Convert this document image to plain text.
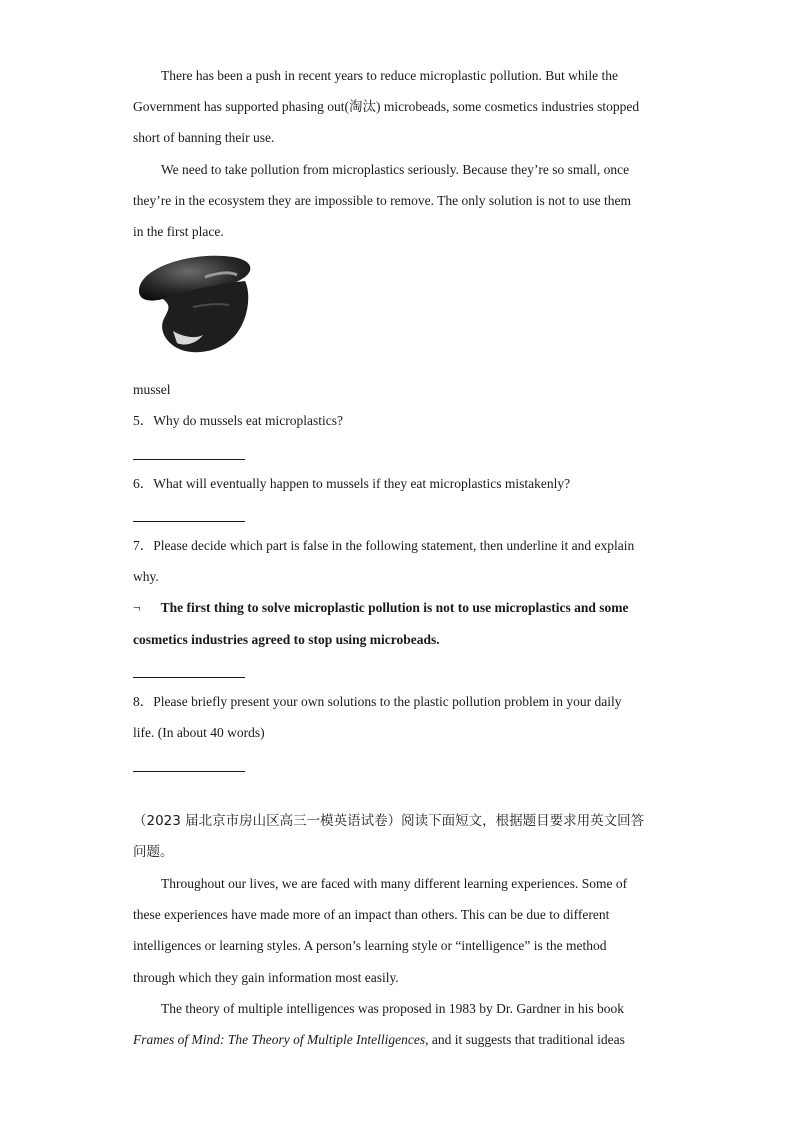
There has been a push in recent years to reduce microplastic pollution. But while the
Government has supported phasing out(淘汰) microbeads, some cosmetics industries stopped
short of banning their use.
We need to take pollution from microplastics seriously. Because they’re so small, once
they’re in the ecosystem they are impossible to remove. The only solution is not to use them
in the first place.
mussel
5．Why do mussels eat microplastics?
6．What will eventually happen to mussels if they eat microplastics mistakenly?
7．Please decide which part is false in the following statement, then underline it and explain
why.
¬ The first thing to solve microplastic pollution is not to use microplastics and some
cosmetics industries agreed to stop using microbeads.
8．Please briefly present your own solutions to the plastic pollution problem in your daily
life. (In about 40 words)
（2023 届北京市房山区高三一模英语试卷）阅读下面短文，根据题目要求用英文回答
问题。
Throughout our lives, we are faced with many different learning experiences. Some of
these experiences have made more of an impact than others. This can be due to different
intelligences or learning styles. A person’s learning style or “intelligence” is the method
through which they gain information most easily.
The theory of multiple intelligences was proposed in 1983 by Dr. Gardner in his book
Frames of Mind: The Theory of Multiple Intelligences, and it suggests that traditional ideas
